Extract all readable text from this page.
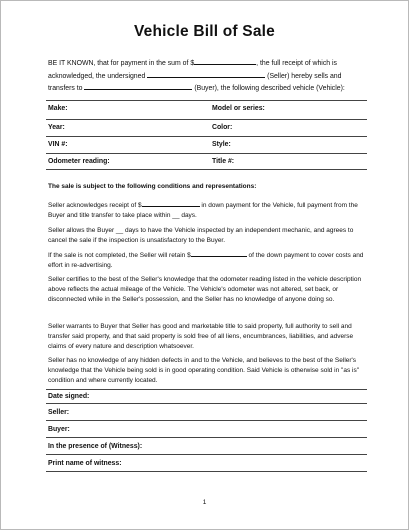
Vehicle Bill of Sale
BE IT KNOWN, that for payment in the sum of $	, the full receipt of which is acknowledged, the undersigned	(Seller) hereby sells and transfers to	(Buyer), the following described vehicle (Vehicle):
Make:	Model or series:
Year:	Color:
VIN #:	Style:
Odometer reading:	Title #:
The sale is subject to the following conditions and representations:
Seller acknowledges receipt of $	in down payment for the Vehicle, full payment from the Buyer and title transfer to take place within __ days.
Seller allows the Buyer __ days to have the Vehicle inspected by an independent mechanic, and agrees to cancel the sale if the inspection is unsatisfactory to the Buyer.
If the sale is not completed, the Seller will retain $	of the down payment to cover costs and effort in re-advertising.
Seller certifies to the best of the Seller's knowledge that the odometer reading listed in the vehicle description above reflects the actual mileage of the Vehicle. The Vehicle's odometer was not altered, set back, or disconnected while in the Seller's possession, and the Seller has no knowledge of anyone doing so.
Seller warrants to Buyer that Seller has good and marketable title to said property, full authority to sell and transfer said property, and that said property is sold free of all liens, encumbrances, liabilities, and adverse claims of every nature and description whatsoever.
Seller has no knowledge of any hidden defects in and to the Vehicle, and believes to the best of the Seller's knowledge that the Vehicle being sold is in good operating condition. Said Vehicle is otherwise sold in "as is" condition and where currently located.
Date signed:
Seller:
Buyer:
In the presence of (Witness):
Print name of witness:
1
